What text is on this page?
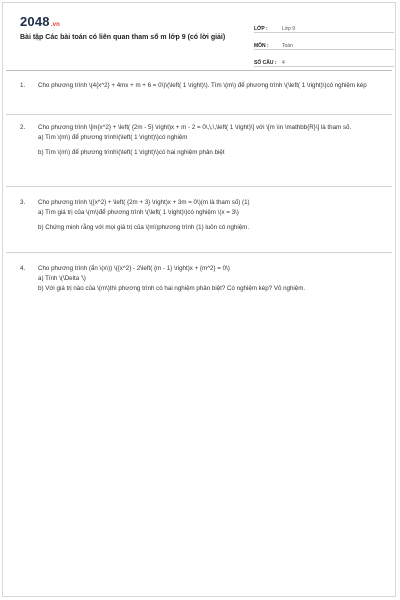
2048.vn
Bài tập Các bài toán có liên quan tham số m lớp 9 (có lời giải)
LỚP :	Lớp 9
MÔN :	Toán
SỐ CÂU :	4
1. Cho phương trình \(4{x^2} + 4mx + m + 6 = 0\)\(\left( 1 \right)\). Tìm \(m\) để phương trình \(\left( 1 \right)\)có nghiệm kép

2. Cho phương trình \[m{x^2} + \left( {2m - 5} \right)x + m - 2 = 0\,\,\,\left( 1 \right)\] với \[m \in \mathbb{R}\] là tham số.

a) Tìm \(m\) để phương trình\(\left( 1 \right)\)có nghiệm

b) Tìm \(m\) để phương trình\(\left( 1 \right)\)có hai nghiệm phân biệt

3. Cho phương trình \({x^2} + \left( {2m + 3} \right)x + 3m = 0\)(m là tham số) (1)

a) Tìm giá trị của \(m\)để phương trình \(\left( 1 \right)\)có nghiệm \(x = 3\)

b) Chứng minh rằng với mọi giá trị của \(m\)phương trình (1) luôn có nghiệm.

4. Cho phương trình (ẩn \(x\)) \({x^2} - 2\left( {m - 1} \right)x + {m^2} = 0\)

a) Tính \(\Delta '\)

b) Với giá trị nào của \(m\)thì phương trình có hai nghiệm phân biệt? Có nghiệm kép? Vô nghiệm.
